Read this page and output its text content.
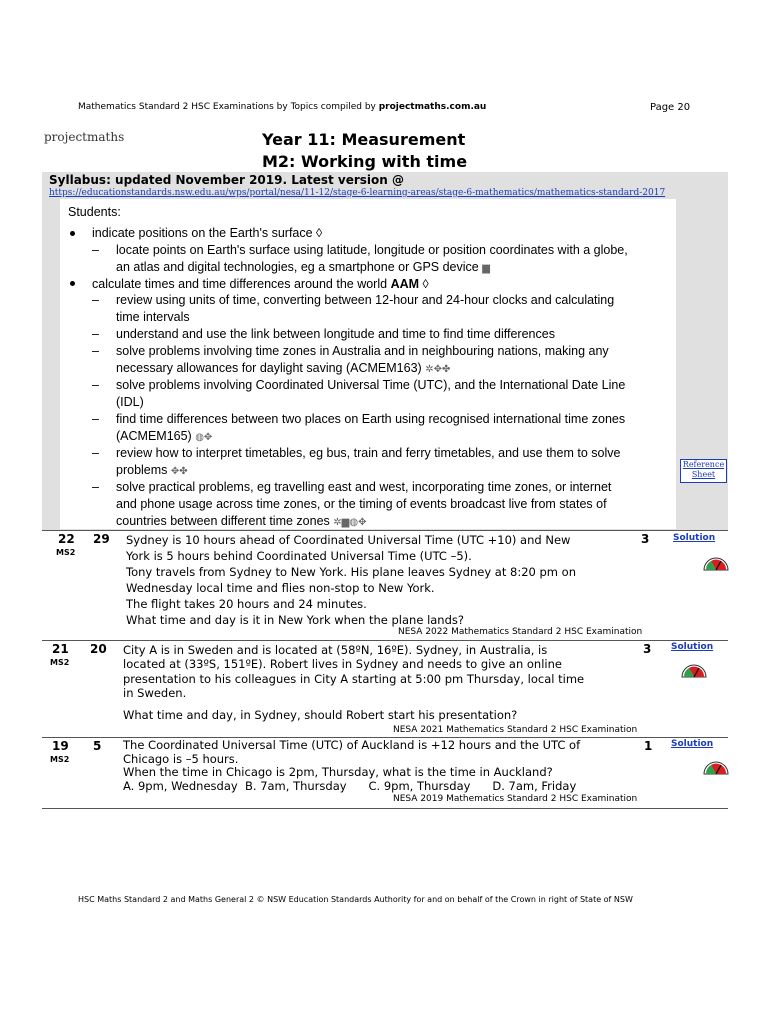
Mathematics Standard 2 HSC Examinations by Topics compiled by projectmaths.com.au	Page 20
projectmaths	Year 11: Measurement
M2: Working with time
Syllabus: updated November 2019. Latest version @
https://educationstandards.nsw.edu.au/wps/portal/nesa/11-12/stage-6-learning-areas/stage-6-mathematics/mathematics-standard-2017
Students:
indicate positions on the Earth's surface ◊
– locate points on Earth's surface using latitude, longitude or position coordinates with a globe,
an atlas and digital technologies, eg a smartphone or GPS device ▆
calculate times and time differences around the world AAM ◊
– review using units of time, converting between 12-hour and 24-hour clocks and calculating
time intervals
– understand and use the link between longitude and time to find time differences
– solve problems involving time zones in Australia and in neighbouring nations, making any
necessary allowances for daylight saving (ACMEM163) ✲✥✤
– solve problems involving Coordinated Universal Time (UTC), and the International Date Line
(IDL)
– find time differences between two places on Earth using recognised international time zones
(ACMEM165) ◍✥
– review how to interpret timetables, eg bus, train and ferry timetables, and use them to solve
problems ✥✤
– solve practical problems, eg travelling east and west, incorporating time zones, or internet
and phone usage across time zones, or the timing of events broadcast live from states of
countries between different time zones ✲▆◍✥
Reference
Sheet
22
MS2
29 Sydney is 10 hours ahead of Coordinated Universal Time (UTC +10) and New
York is 5 hours behind Coordinated Universal Time (UTC –5).
Tony travels from Sydney to New York. His plane leaves Sydney at 8:20 pm on
Wednesday local time and flies non-stop to New York.
The flight takes 20 hours and 24 minutes.
What time and day is it in New York when the plane lands?
NESA 2022 Mathematics Standard 2 HSC Examination
3	Solution
21
MS2
20 City A is in Sweden and is located at (58ºN, 16ºE). Sydney, in Australia, is
located at (33ºS, 151ºE). Robert lives in Sydney and needs to give an online
presentation to his colleagues in City A starting at 5:00 pm Thursday, local time
in Sweden.
What time and day, in Sydney, should Robert start his presentation?
NESA 2021 Mathematics Standard 2 HSC Examination
3 Solution
19
MS2
5 The Coordinated Universal Time (UTC) of Auckland is +12 hours and the UTC of
Chicago is –5 hours.
When the time in Chicago is 2pm, Thursday, what is the time in Auckland?
A. 9pm, Wednesday  B. 7am, Thursday      C. 9pm, Thursday      D. 7am, Friday
NESA 2019 Mathematics Standard 2 HSC Examination
1 Solution
HSC Maths Standard 2 and Maths General 2 © NSW Education Standards Authority for and on behalf of the Crown in right of State of NSW
